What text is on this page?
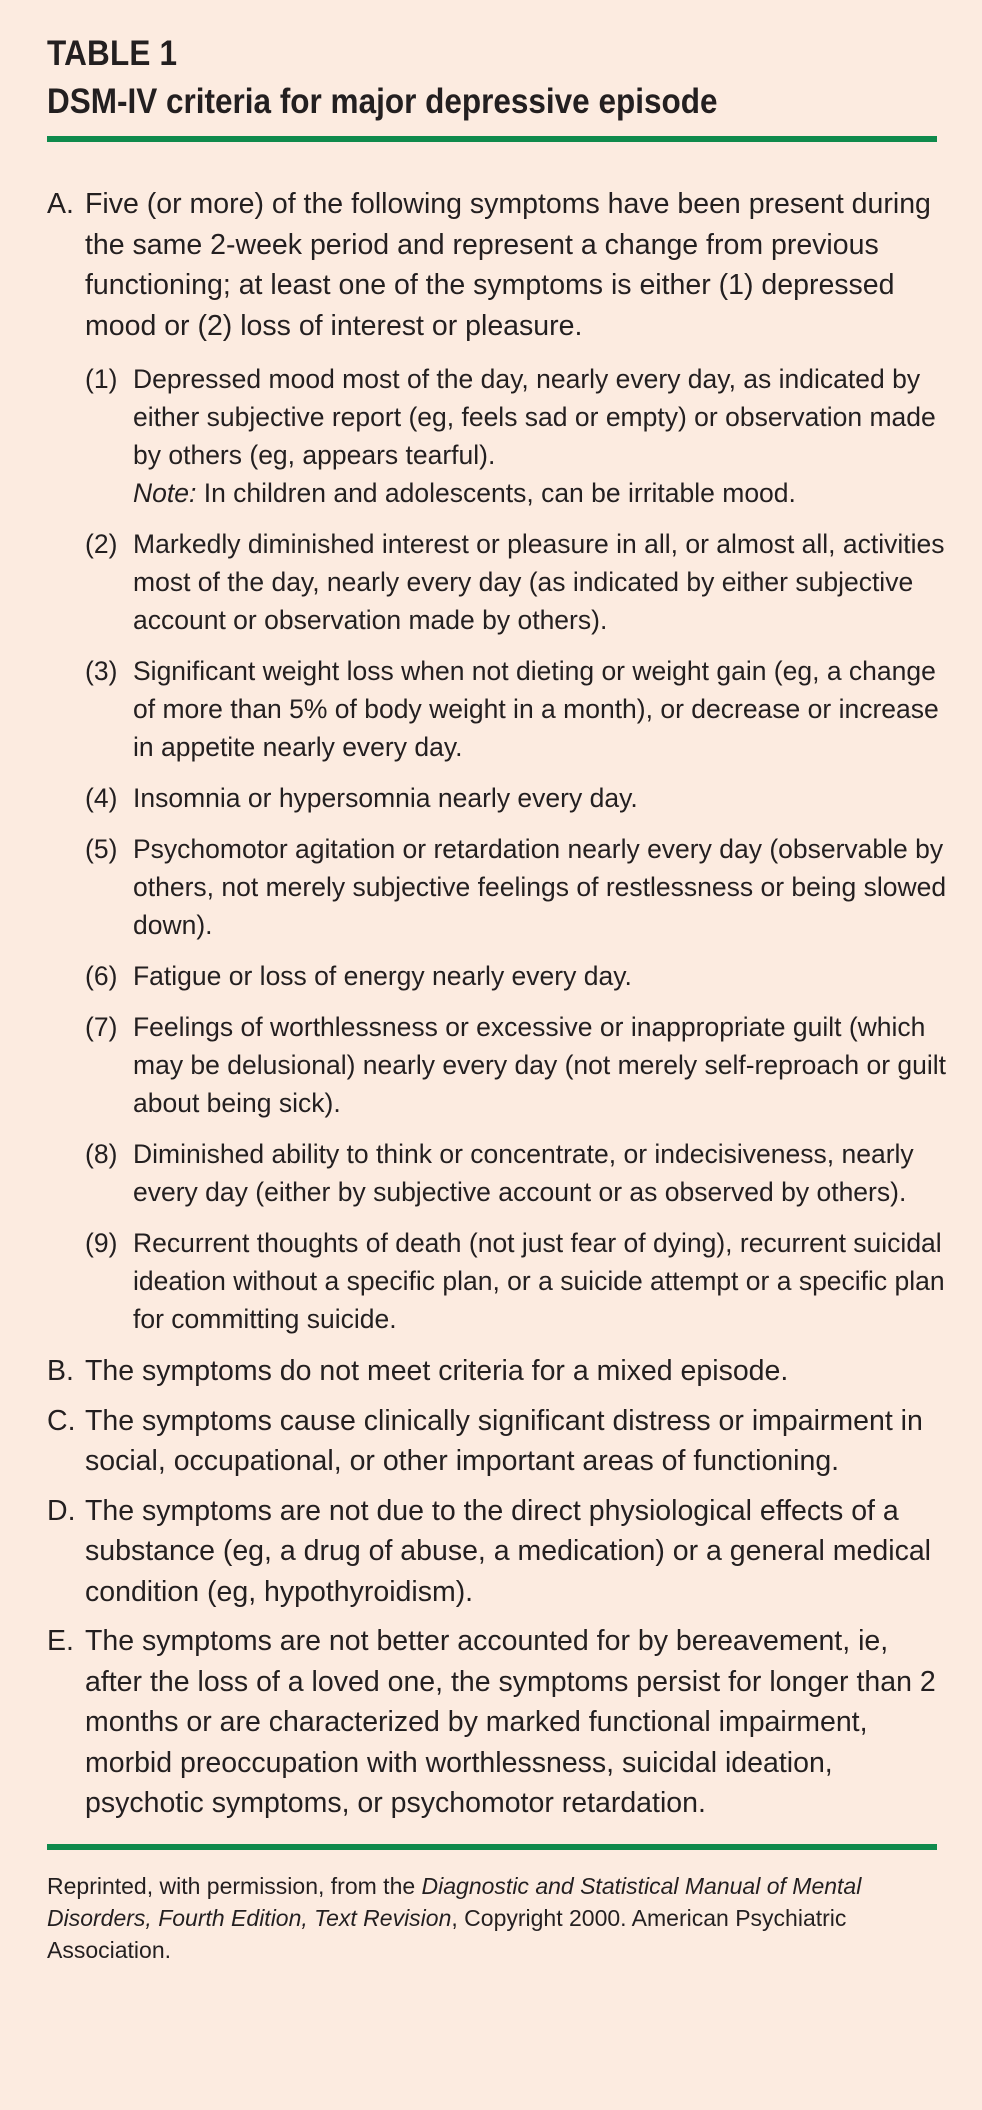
TABLE 1
DSM-IV criteria for major depressive episode
A. Five (or more) of the following symptoms have been present during the same 2-week period and represent a change from previous functioning; at least one of the symptoms is either (1) depressed mood or (2) loss of interest or pleasure.
(1) Depressed mood most of the day, nearly every day, as indicated by either subjective report (eg, feels sad or empty) or observation made by others (eg, appears tearful).
Note: In children and adolescents, can be irritable mood.
(2) Markedly diminished interest or pleasure in all, or almost all, activities most of the day, nearly every day (as indicated by either subjective account or observation made by others).
(3) Significant weight loss when not dieting or weight gain (eg, a change of more than 5% of body weight in a month), or decrease or increase in appetite nearly every day.
(4) Insomnia or hypersomnia nearly every day.
(5) Psychomotor agitation or retardation nearly every day (observable by others, not merely subjective feelings of restlessness or being slowed down).
(6) Fatigue or loss of energy nearly every day.
(7) Feelings of worthlessness or excessive or inappropriate guilt (which may be delusional) nearly every day (not merely self-reproach or guilt about being sick).
(8) Diminished ability to think or concentrate, or indecisiveness, nearly every day (either by subjective account or as observed by others).
(9) Recurrent thoughts of death (not just fear of dying), recurrent suicidal ideation without a specific plan, or a suicide attempt or a specific plan for committing suicide.
B. The symptoms do not meet criteria for a mixed episode.
C. The symptoms cause clinically significant distress or impairment in social, occupational, or other important areas of functioning.
D. The symptoms are not due to the direct physiological effects of a substance (eg, a drug of abuse, a medication) or a general medical condition (eg, hypothyroidism).
E. The symptoms are not better accounted for by bereavement, ie, after the loss of a loved one, the symptoms persist for longer than 2 months or are characterized by marked functional impairment, morbid preoccupation with worthlessness, suicidal ideation, psychotic symptoms, or psychomotor retardation.
Reprinted, with permission, from the Diagnostic and Statistical Manual of Mental Disorders, Fourth Edition, Text Revision, Copyright 2000. American Psychiatric Association.
